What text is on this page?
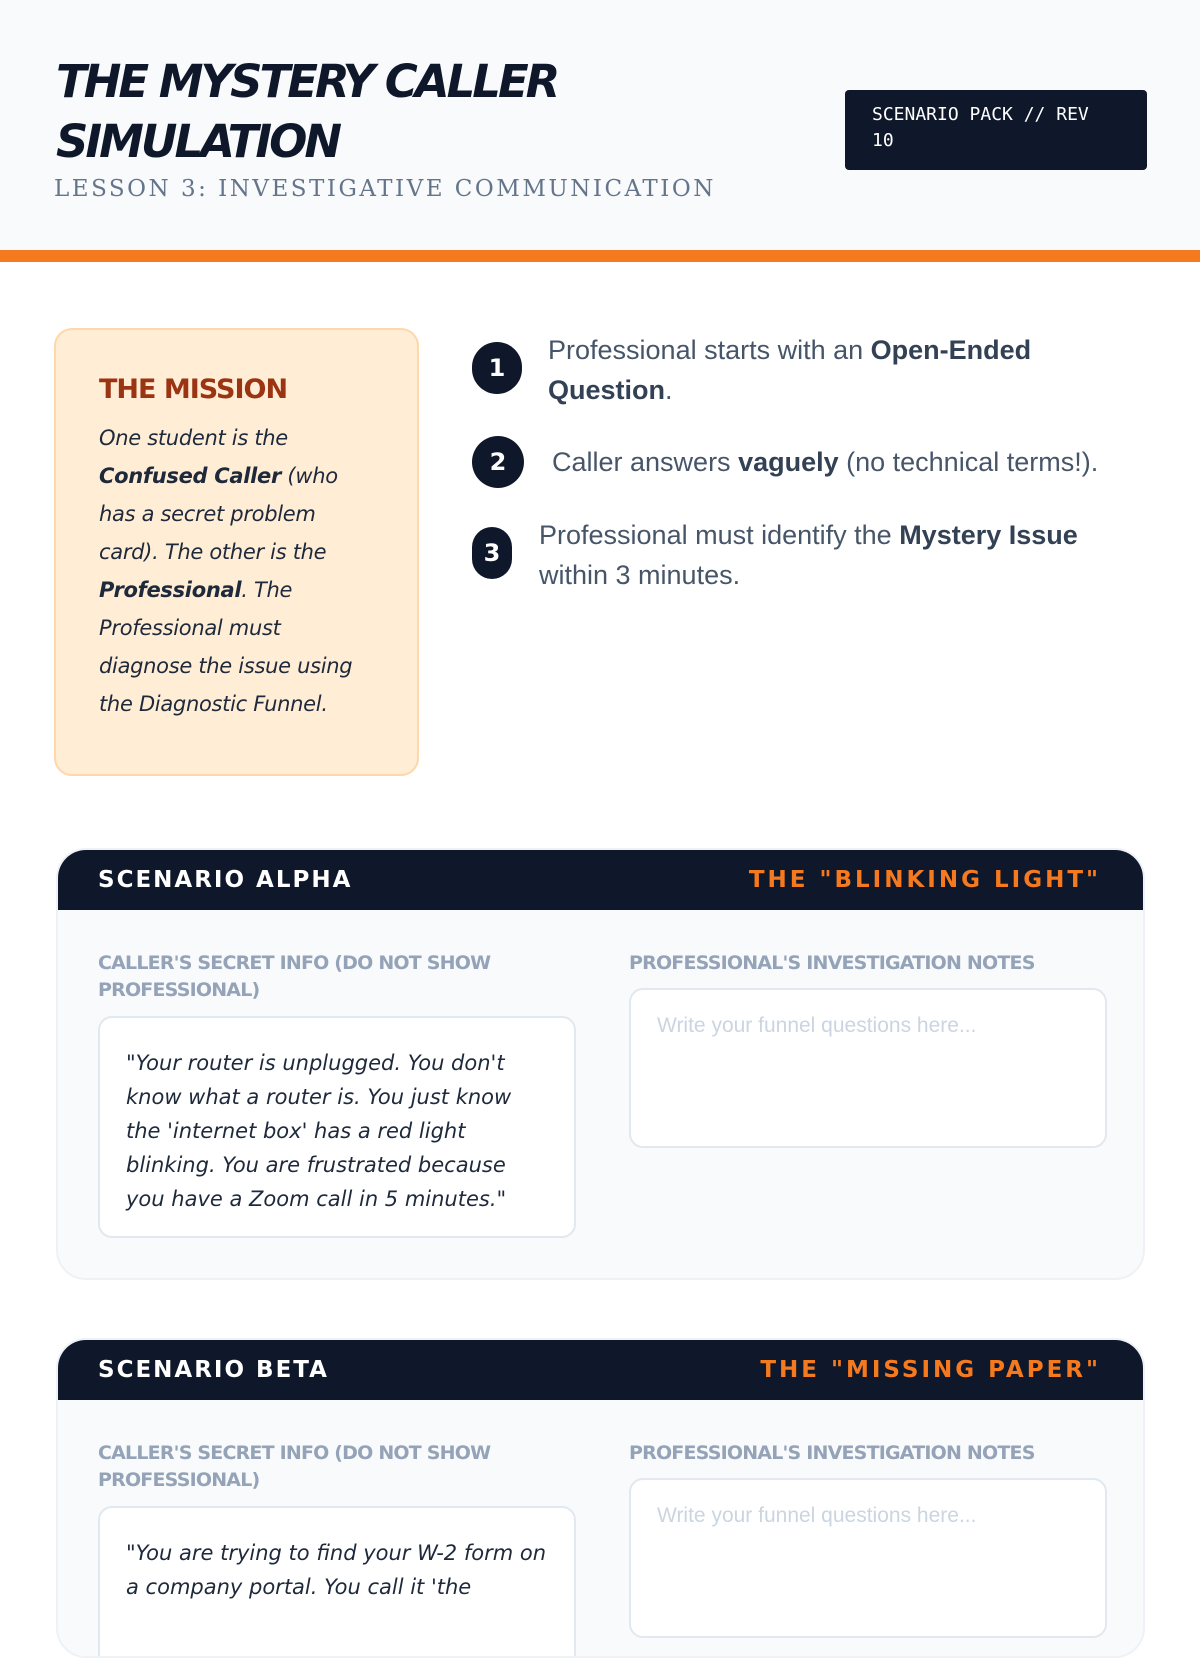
THE MYSTERY CALLER SIMULATION
LESSON 3: INVESTIGATIVE COMMUNICATION
SCENARIO PACK // REV 10
THE MISSION
One student is the Confused Caller (who has a secret problem card). The other is the Professional. The Professional must diagnose the issue using the Diagnostic Funnel.
1
Professional starts with an Open-Ended Question.
2	Caller answers vaguely (no technical terms!).
3
Professional must identify the Mystery Issue within 3 minutes.
SCENARIO ALPHA	THE "BLINKING LIGHT"
CALLER'S SECRET INFO (DO NOT SHOW PROFESSIONAL)
"Your router is unplugged. You don't know what a router is. You just know the 'internet box' has a red light blinking. You are frustrated because you have a Zoom call in 5 minutes."
PROFESSIONAL'S INVESTIGATION NOTES
Write your funnel questions here...
SCENARIO BETA	THE "MISSING PAPER"
CALLER'S SECRET INFO (DO NOT SHOW PROFESSIONAL)
"You are trying to find your W-2 form on a company portal. You call it 'the
PROFESSIONAL'S INVESTIGATION NOTES
Write your funnel questions here...
